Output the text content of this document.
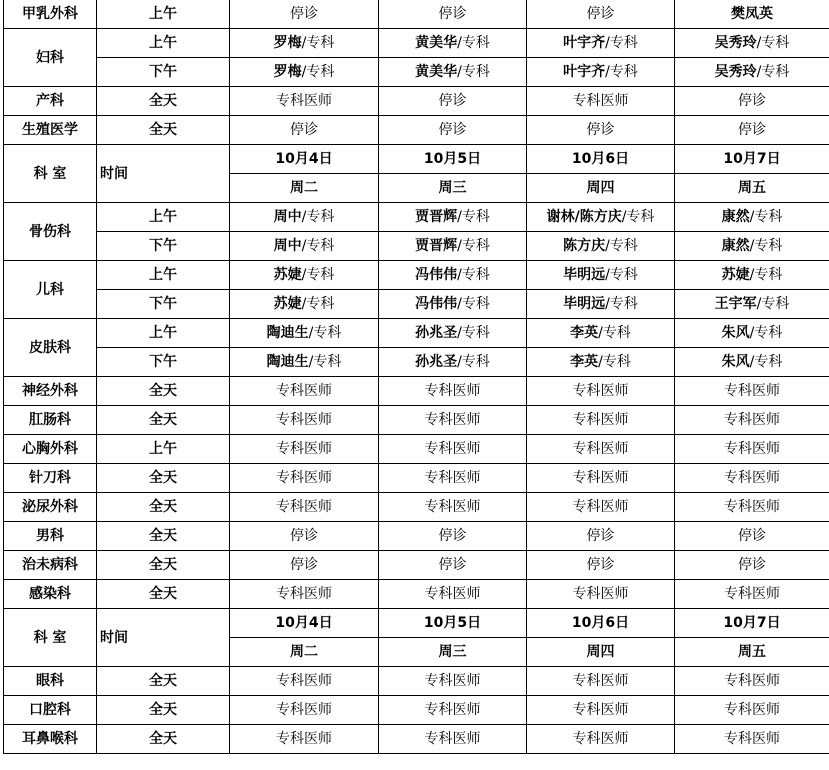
甲乳外科	上午	停诊	停诊	停诊	樊凤英
妇科	上午	罗梅/专科	黄美华/专科	叶宇齐/专科	吴秀玲/专科
	下午	罗梅/专科	黄美华/专科	叶宇齐/专科	吴秀玲/专科
产科	全天	专科医师	停诊	专科医师	停诊
生殖医学	全天	停诊	停诊	停诊	停诊
科 室	时间	10月4日	10月5日	10月6日	10月7日
		周二	周三	周四	周五
骨伤科	上午	周中/专科	贾晋辉/专科	谢林/陈方庆/专科	康然/专科
	下午	周中/专科	贾晋辉/专科	陈方庆/专科	康然/专科
儿科	上午	苏婕/专科	冯伟伟/专科	毕明远/专科	苏婕/专科
	下午	苏婕/专科	冯伟伟/专科	毕明远/专科	王宇军/专科
皮肤科	上午	陶迪生/专科	孙兆圣/专科	李英/专科	朱风/专科
	下午	陶迪生/专科	孙兆圣/专科	李英/专科	朱风/专科
神经外科	全天	专科医师	专科医师	专科医师	专科医师
肛肠科	全天	专科医师	专科医师	专科医师	专科医师
心胸外科	上午	专科医师	专科医师	专科医师	专科医师
针刀科	全天	专科医师	专科医师	专科医师	专科医师
泌尿外科	全天	专科医师	专科医师	专科医师	专科医师
男科	全天	停诊	停诊	停诊	停诊
治未病科	全天	停诊	停诊	停诊	停诊
感染科	全天	专科医师	专科医师	专科医师	专科医师
科 室	时间	10月4日	10月5日	10月6日	10月7日
		周二	周三	周四	周五
眼科	全天	专科医师	专科医师	专科医师	专科医师
口腔科	全天	专科医师	专科医师	专科医师	专科医师
耳鼻喉科	全天	专科医师	专科医师	专科医师	专科医师
